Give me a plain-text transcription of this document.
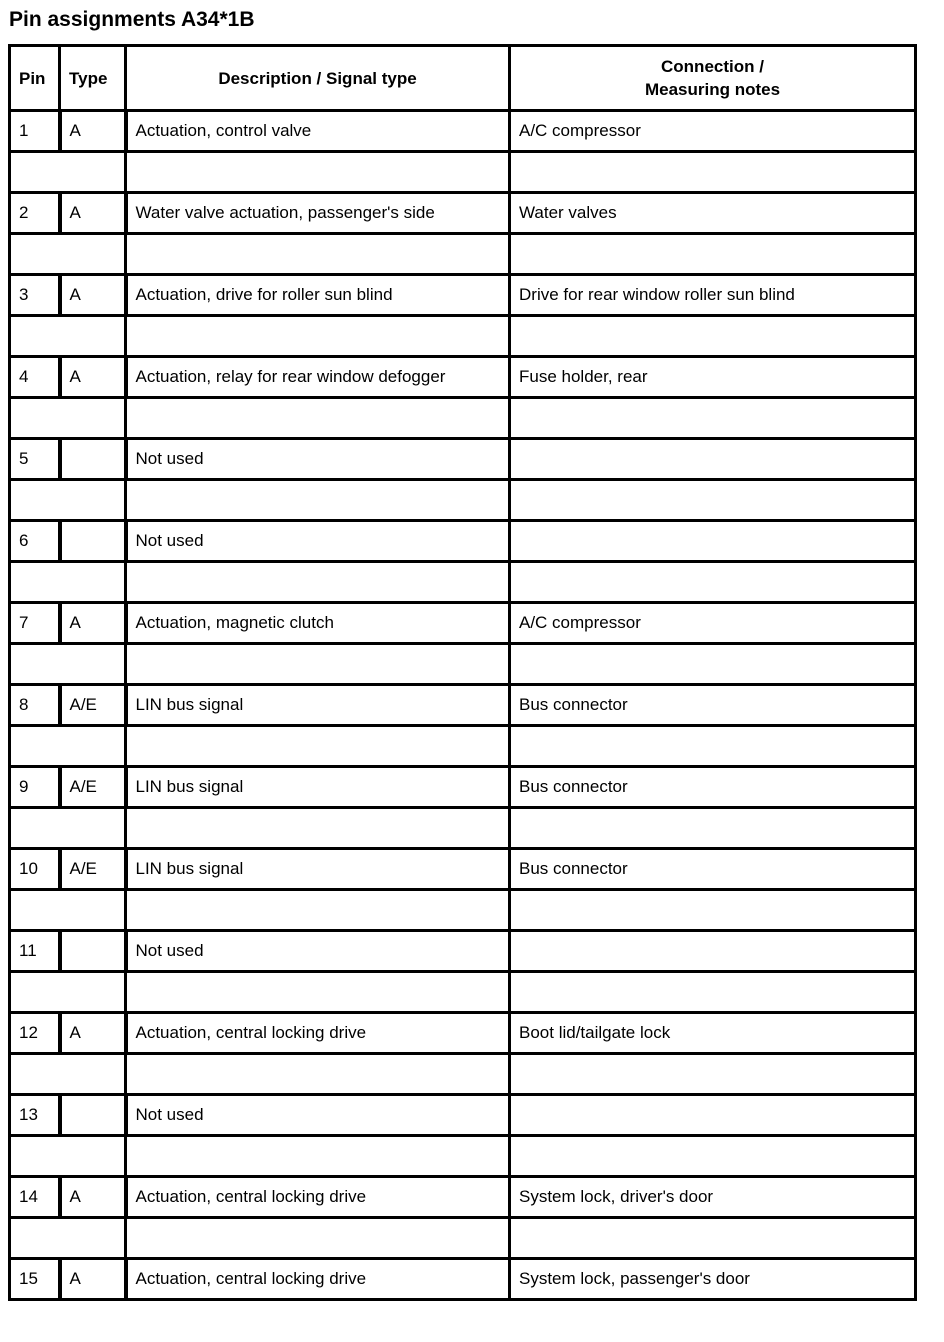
Pin assignments A34*1B
Pin	Type	Description / Signal type	Connection /
Measuring notes
1	A	Actuation, control valve	A/C compressor

2	A	Water valve actuation, passenger's side	Water valves

3	A	Actuation, drive for roller sun blind	Drive for rear window roller sun blind

4	A	Actuation, relay for rear window defogger	Fuse holder, rear

5		Not used	

6		Not used	

7	A	Actuation, magnetic clutch	A/C compressor

8	A/E	LIN bus signal	Bus connector

9	A/E	LIN bus signal	Bus connector

10	A/E	LIN bus signal	Bus connector

11		Not used	

12	A	Actuation, central locking drive	Boot lid/tailgate lock

13		Not used	

14	A	Actuation, central locking drive	System lock, driver's door

15	A	Actuation, central locking drive	System lock, passenger's door
